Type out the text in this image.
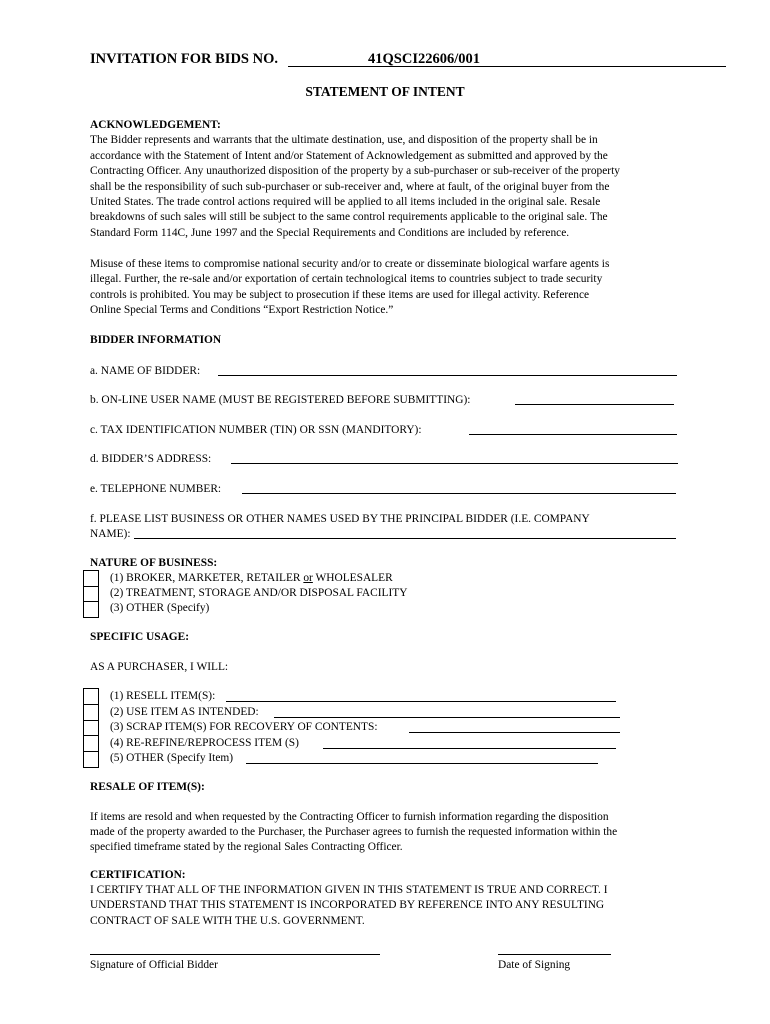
INVITATION FOR BIDS NO.	41QSCI22606/001
STATEMENT OF INTENT
ACKNOWLEDGEMENT:
The Bidder represents and warrants that the ultimate destination, use, and disposition of the property shall be in
accordance with the Statement of Intent and/or Statement of Acknowledgement as submitted and approved by the
Contracting Officer. Any unauthorized disposition of the property by a sub-purchaser or sub-receiver of the property
shall be the responsibility of such sub-purchaser or sub-receiver and, where at fault, of the original buyer from the
United States. The trade control actions required will be applied to all items included in the original sale. Resale
breakdowns of such sales will still be subject to the same control requirements applicable to the original sale. The
Standard Form 114C, June 1997 and the Special Requirements and Conditions are included by reference.
Misuse of these items to compromise national security and/or to create or disseminate biological warfare agents is
illegal. Further, the re-sale and/or exportation of certain technological items to countries subject to trade security
controls is prohibited. You may be subject to prosecution if these items are used for illegal activity. Reference
Online Special Terms and Conditions “Export Restriction Notice.”
BIDDER INFORMATION
a. NAME OF BIDDER:
b. ON-LINE USER NAME (MUST BE REGISTERED BEFORE SUBMITTING):
c. TAX IDENTIFICATION NUMBER (TIN) OR SSN (MANDITORY):
d. BIDDER’S ADDRESS:
e. TELEPHONE NUMBER:
f. PLEASE LIST BUSINESS OR OTHER NAMES USED BY THE PRINCIPAL BIDDER (I.E. COMPANY
NAME):
NATURE OF BUSINESS:
(1) BROKER, MARKETER, RETAILER or WHOLESALER
(2) TREATMENT, STORAGE AND/OR DISPOSAL FACILITY
(3) OTHER (Specify)
SPECIFIC USAGE:
AS A PURCHASER, I WILL:
(1) RESELL ITEM(S):
(2) USE ITEM AS INTENDED:
(3) SCRAP ITEM(S) FOR RECOVERY OF CONTENTS:
(4) RE-REFINE/REPROCESS ITEM (S)
(5) OTHER (Specify Item)
RESALE OF ITEM(S):
If items are resold and when requested by the Contracting Officer to furnish information regarding the disposition
made of the property awarded to the Purchaser, the Purchaser agrees to furnish the requested information within the
specified timeframe stated by the regional Sales Contracting Officer.
CERTIFICATION:
I CERTIFY THAT ALL OF THE INFORMATION GIVEN IN THIS STATEMENT IS TRUE AND CORRECT. I
UNDERSTAND THAT THIS STATEMENT IS INCORPORATED BY REFERENCE INTO ANY RESULTING
CONTRACT OF SALE WITH THE U.S. GOVERNMENT.
Signature of Official Bidder	Date of Signing
